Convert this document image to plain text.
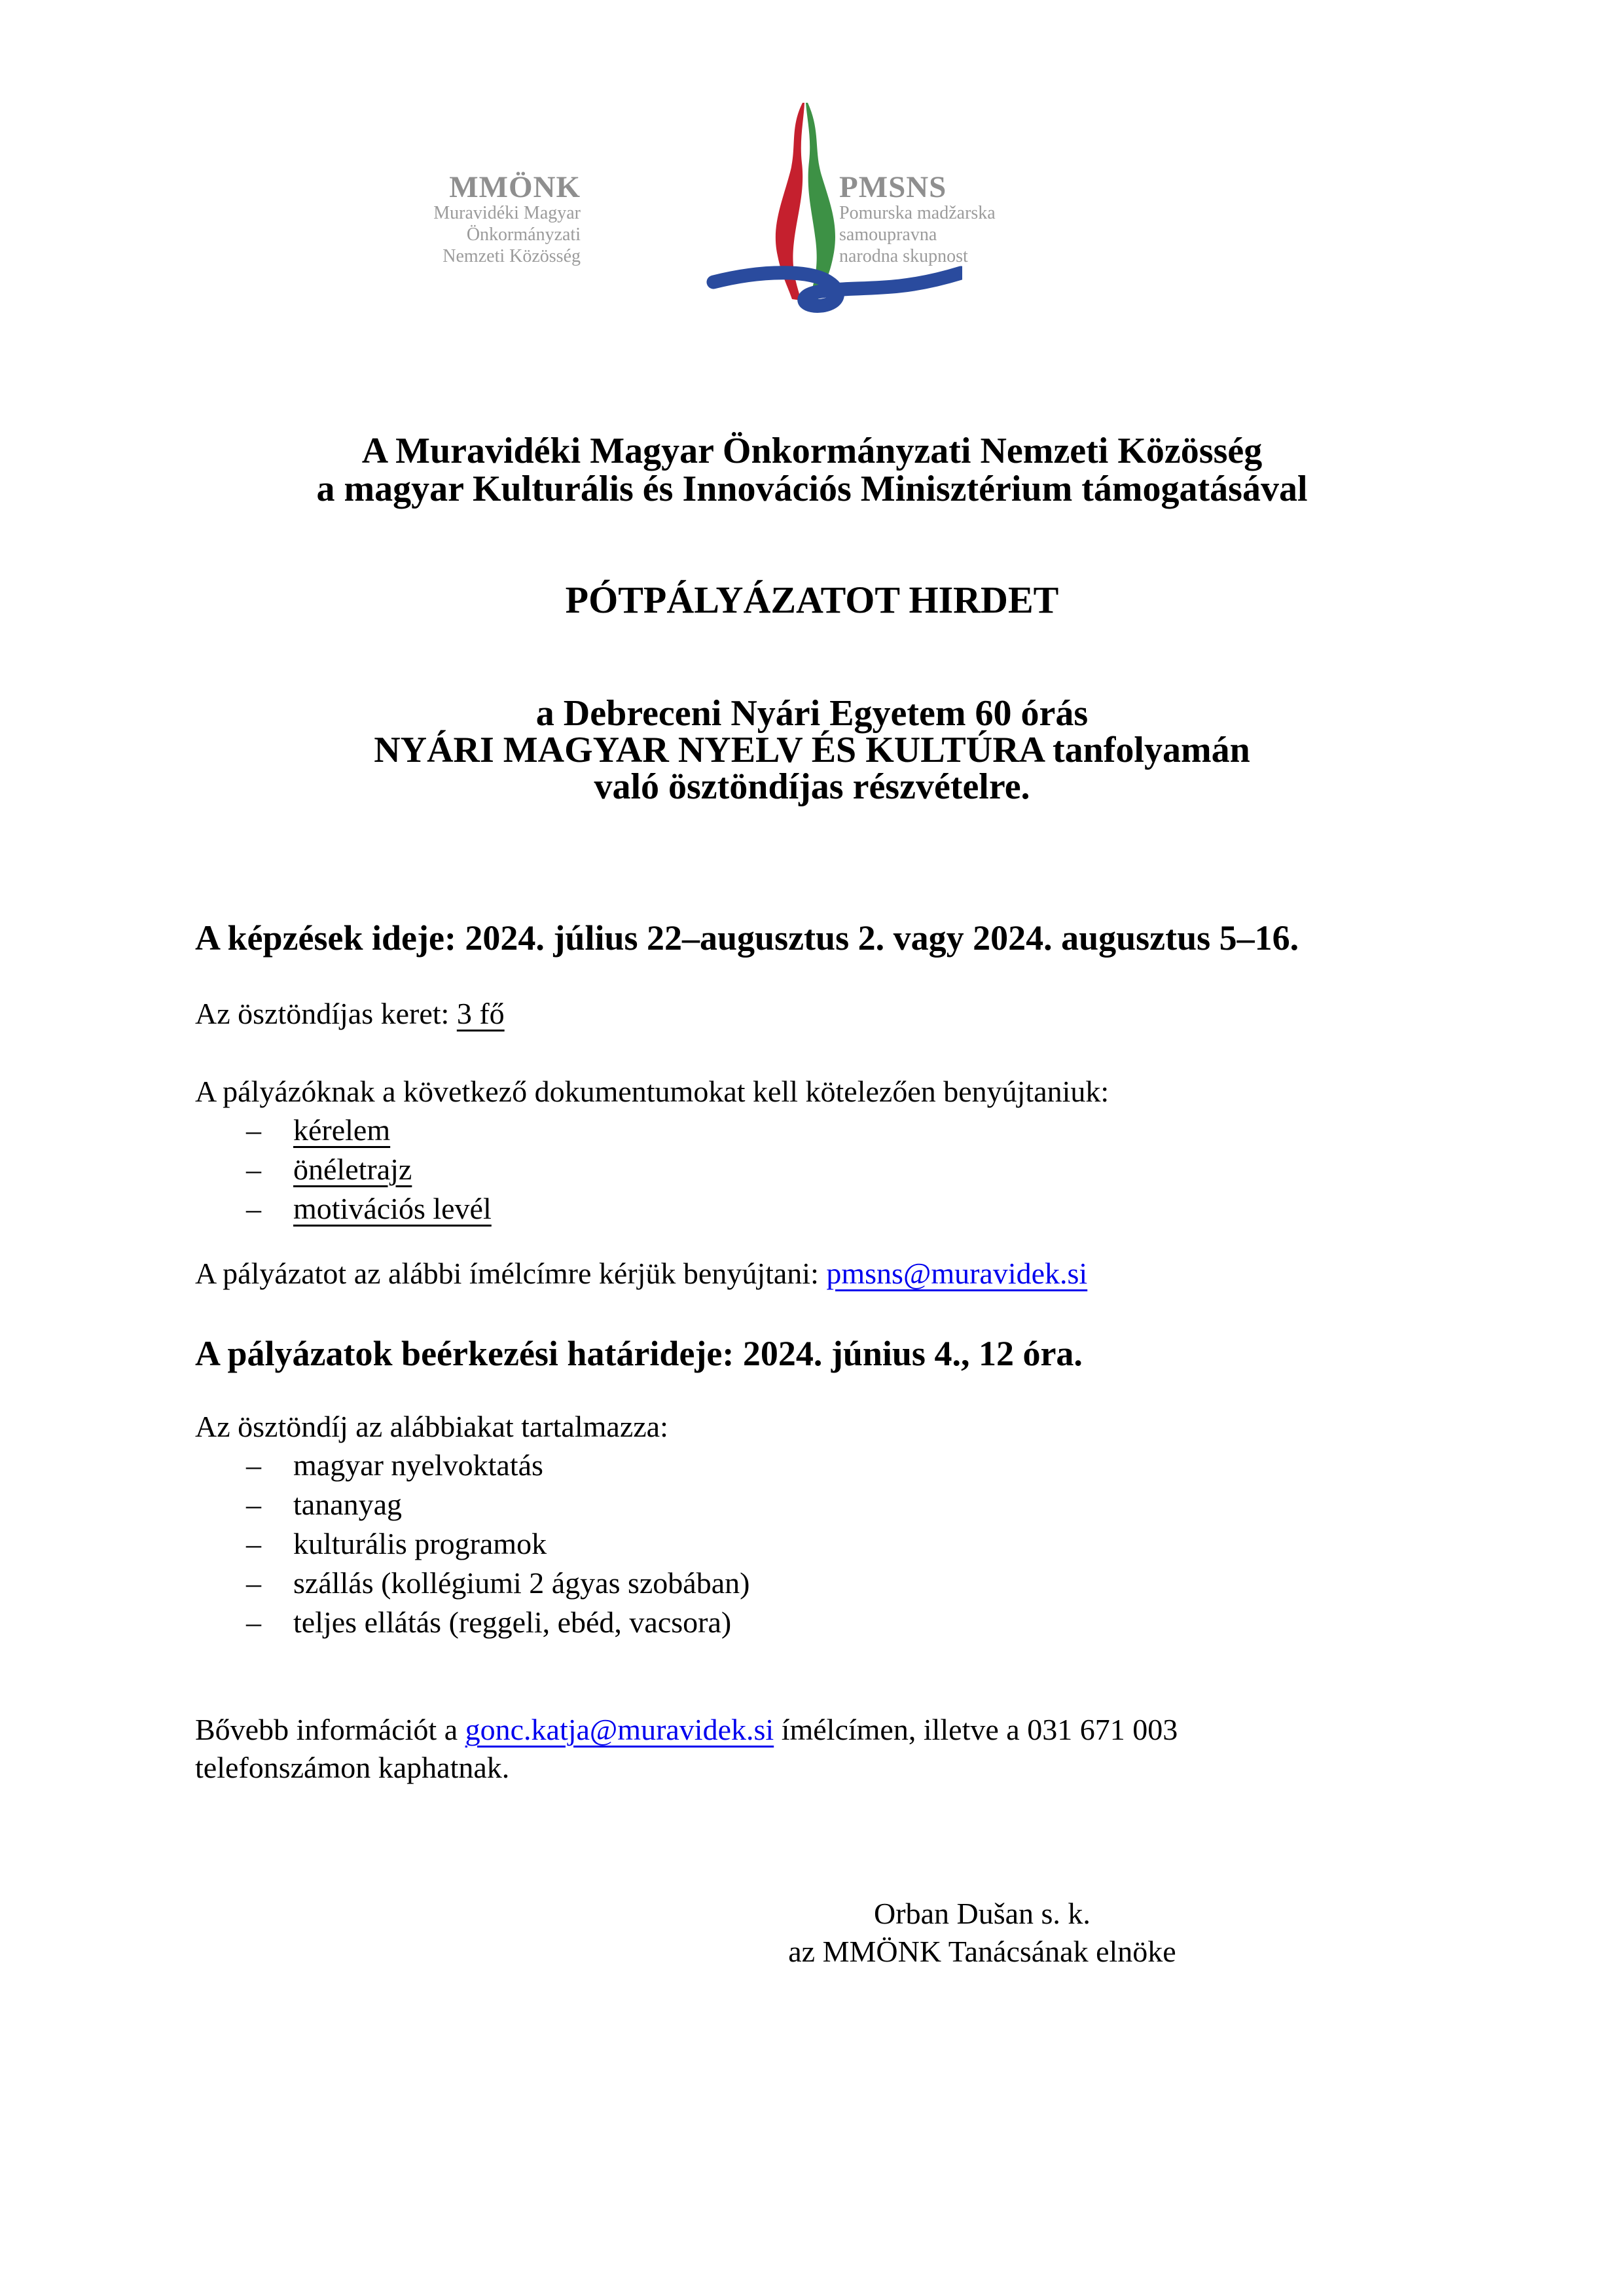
MMÖNK
Muravidéki Magyar
Önkormányzati
Nemzeti Közösség
PMSNS
Pomurska madžarska
samoupravna
narodna skupnost
A Muravidéki Magyar Önkormányzati Nemzeti Közösség
a magyar Kulturális és Innovációs Minisztérium támogatásával
PÓTPÁLYÁZATOT HIRDET
a Debreceni Nyári Egyetem 60 órás
NYÁRI MAGYAR NYELV ÉS KULTÚRA tanfolyamán
való ösztöndíjas részvételre.

A képzések ideje: 2024. július 22–augusztus 2. vagy 2024. augusztus 5–16.

Az ösztöndíjas keret: 3 fő

A pályázóknak a következő dokumentumokat kell kötelezően benyújtaniuk:

– kérelem
– önéletrajz
– motivációs levél

A pályázatot az alábbi ímélcímre kérjük benyújtani: pmsns@muravidek.si

A pályázatok beérkezési határideje: 2024. június 4., 12 óra.

Az ösztöndíj az alábbiakat tartalmazza:

– magyar nyelvoktatás
– tananyag
– kulturális programok
– szállás (kollégiumi 2 ágyas szobában)
– teljes ellátás (reggeli, ebéd, vacsora)

Bővebb információt a gonc.katja@muravidek.si ímélcímen, illetve a 031 671 003
telefonszámon kaphatnak.

Orban Dušan s. k.
az MMÖNK Tanácsának elnöke
